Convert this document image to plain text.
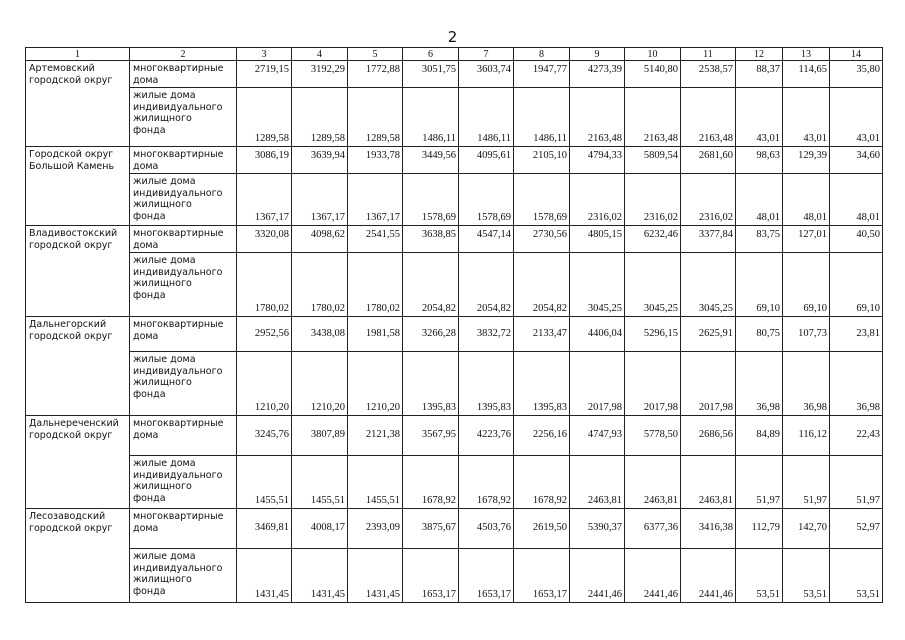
2
1	2	3	4	5	6	7	8	9	10	11	12	13	14
Артемовский
городской округ	многоквартирные
дома	2719,15	3192,29	1772,88	3051,75	3603,74	1947,77	4273,39	5140,80	2538,57	88,37	114,65	35,80
	жилые дома
индивидуального
жилищного
фонда	1289,58	1289,58	1289,58	1486,11	1486,11	1486,11	2163,48	2163,48	2163,48	43,01	43,01	43,01
Городской округ
Большой Камень	многоквартирные
дома	3086,19	3639,94	1933,78	3449,56	4095,61	2105,10	4794,33	5809,54	2681,60	98,63	129,39	34,60
	жилые дома
индивидуального
жилищного
фонда	1367,17	1367,17	1367,17	1578,69	1578,69	1578,69	2316,02	2316,02	2316,02	48,01	48,01	48,01
Владивостокский
городской округ	многоквартирные
дома	3320,08	4098,62	2541,55	3638,85	4547,14	2730,56	4805,15	6232,46	3377,84	83,75	127,01	40,50
	жилые дома
индивидуального
жилищного
фонда	1780,02	1780,02	1780,02	2054,82	2054,82	2054,82	3045,25	3045,25	3045,25	69,10	69,10	69,10
Дальнегорский
городской округ	многоквартирные
дома	2952,56	3438,08	1981,58	3266,28	3832,72	2133,47	4406,04	5296,15	2625,91	80,75	107,73	23,81
	жилые дома
индивидуального
жилищного
фонда	1210,20	1210,20	1210,20	1395,83	1395,83	1395,83	2017,98	2017,98	2017,98	36,98	36,98	36,98
Дальнереченский
городской округ	многоквартирные
дома	3245,76	3807,89	2121,38	3567,95	4223,76	2256,16	4747,93	5778,50	2686,56	84,89	116,12	22,43
	жилые дома
индивидуального
жилищного
фонда	1455,51	1455,51	1455,51	1678,92	1678,92	1678,92	2463,81	2463,81	2463,81	51,97	51,97	51,97
Лесозаводский
городской округ	многоквартирные
дома	3469,81	4008,17	2393,09	3875,67	4503,76	2619,50	5390,37	6377,36	3416,38	112,79	142,70	52,97
	жилые дома
индивидуального
жилищного
фонда	1431,45	1431,45	1431,45	1653,17	1653,17	1653,17	2441,46	2441,46	2441,46	53,51	53,51	53,51
